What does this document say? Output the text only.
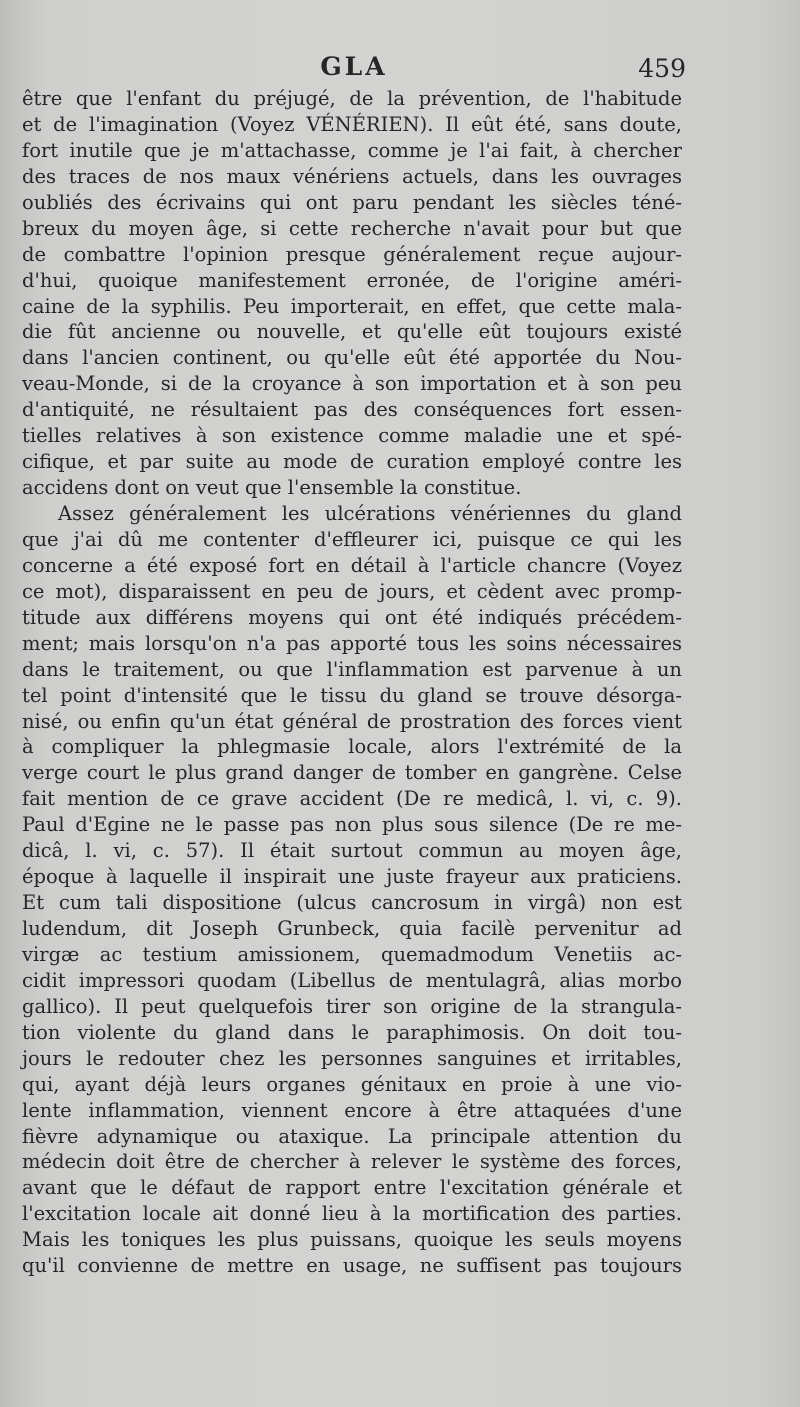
GLA	459
être que l'enfant du préjugé, de la prévention, de l'habitude
et de l'imagination (Voyez VÉNÉRIEN). Il eût été, sans doute,
fort inutile que je m'attachasse, comme je l'ai fait, à chercher
des traces de nos maux vénériens actuels, dans les ouvrages
oubliés des écrivains qui ont paru pendant les siècles téné-
breux du moyen âge, si cette recherche n'avait pour but que
de combattre l'opinion presque généralement reçue aujour-
d'hui, quoique manifestement erronée, de l'origine améri-
caine de la syphilis. Peu importerait, en effet, que cette mala-
die fût ancienne ou nouvelle, et qu'elle eût toujours existé
dans l'ancien continent, ou qu'elle eût été apportée du Nou-
veau-Monde, si de la croyance à son importation et à son peu
d'antiquité, ne résultaient pas des conséquences fort essen-
tielles relatives à son existence comme maladie une et spé-
cifique, et par suite au mode de curation employé contre les
accidens dont on veut que l'ensemble la constitue.
Assez généralement les ulcérations vénériennes du gland
que j'ai dû me contenter d'effleurer ici, puisque ce qui les
concerne a été exposé fort en détail à l'article chancre (Voyez
ce mot), disparaissent en peu de jours, et cèdent avec promp-
titude aux différens moyens qui ont été indiqués précédem-
ment; mais lorsqu'on n'a pas apporté tous les soins nécessaires
dans le traitement, ou que l'inflammation est parvenue à un
tel point d'intensité que le tissu du gland se trouve désorga-
nisé, ou enfin qu'un état général de prostration des forces vient
à compliquer la phlegmasie locale, alors l'extrémité de la
verge court le plus grand danger de tomber en gangrène. Celse
fait mention de ce grave accident (De re medicâ, l. vi, c. 9).
Paul d'Egine ne le passe pas non plus sous silence (De re me-
dicâ, l. vi, c. 57). Il était surtout commun au moyen âge,
époque à laquelle il inspirait une juste frayeur aux praticiens.
Et cum tali dispositione (ulcus cancrosum in virgâ) non est
ludendum, dit Joseph Grunbeck, quia facilè pervenitur ad
virgæ ac testium amissionem, quemadmodum Venetiis ac-
cidit impressori quodam (Libellus de mentulagrâ, alias morbo
gallico). Il peut quelquefois tirer son origine de la strangula-
tion violente du gland dans le paraphimosis. On doit tou-
jours le redouter chez les personnes sanguines et irritables,
qui, ayant déjà leurs organes génitaux en proie à une vio-
lente inflammation, viennent encore à être attaquées d'une
fièvre adynamique ou ataxique. La principale attention du
médecin doit être de chercher à relever le système des forces,
avant que le défaut de rapport entre l'excitation générale et
l'excitation locale ait donné lieu à la mortification des parties.
Mais les toniques les plus puissans, quoique les seuls moyens
qu'il convienne de mettre en usage, ne suffisent pas toujours
